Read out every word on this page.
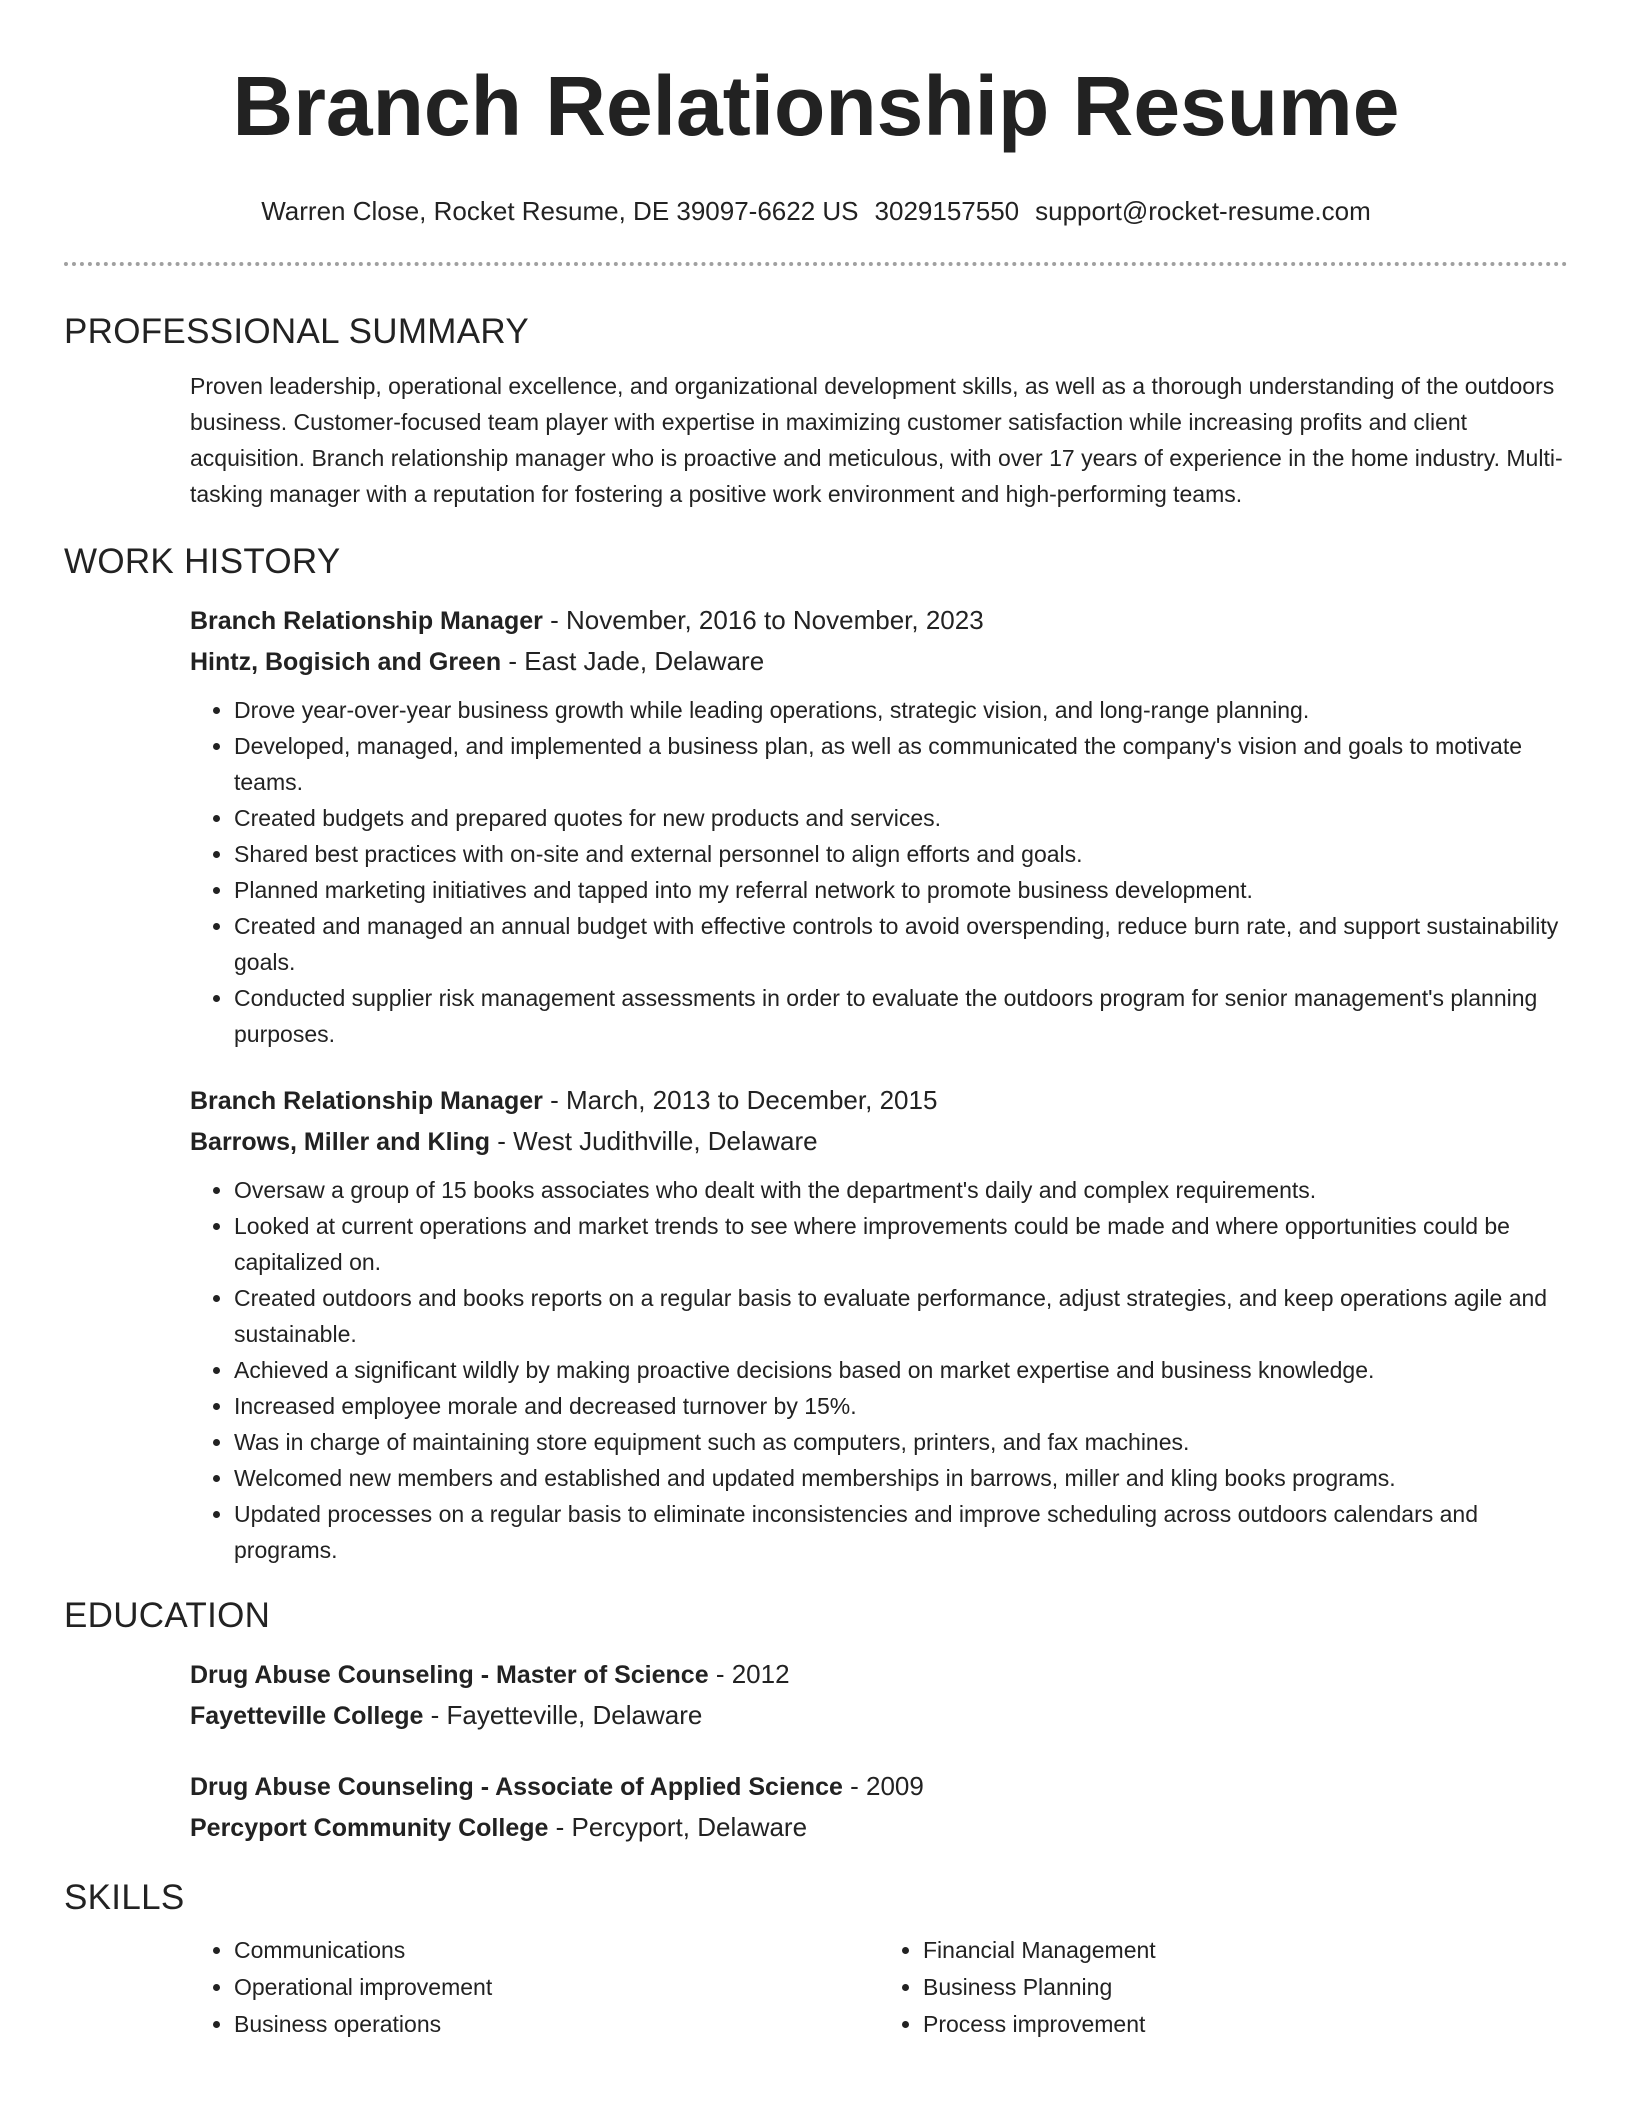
Branch Relationship Resume
Warren Close, Rocket Resume, DE 39097-6622 US 3029157550 support@rocket-resume.com
PROFESSIONAL SUMMARY

Proven leadership, operational excellence, and organizational development skills, as well as a thorough understanding of the outdoors business. Customer-focused team player with expertise in maximizing customer satisfaction while increasing profits and client acquisition. Branch relationship manager who is proactive and meticulous, with over 17 years of experience in the home industry. Multi-tasking manager with a reputation for fostering a positive work environment and high-performing teams.

WORK HISTORY
Branch Relationship Manager - November, 2016 to November, 2023
Hintz, Bogisich and Green - East Jade, Delaware
• Drove year-over-year business growth while leading operations, strategic vision, and long-range planning.
• Developed, managed, and implemented a business plan, as well as communicated the company's vision and goals to motivate teams.
• Created budgets and prepared quotes for new products and services.
• Shared best practices with on-site and external personnel to align efforts and goals.
• Planned marketing initiatives and tapped into my referral network to promote business development.
• Created and managed an annual budget with effective controls to avoid overspending, reduce burn rate, and support sustainability goals.
• Conducted supplier risk management assessments in order to evaluate the outdoors program for senior management's planning purposes.
Branch Relationship Manager - March, 2013 to December, 2015
Barrows, Miller and Kling - West Judithville, Delaware
• Oversaw a group of 15 books associates who dealt with the department's daily and complex requirements.
• Looked at current operations and market trends to see where improvements could be made and where opportunities could be capitalized on.
• Created outdoors and books reports on a regular basis to evaluate performance, adjust strategies, and keep operations agile and sustainable.
• Achieved a significant wildly by making proactive decisions based on market expertise and business knowledge.
• Increased employee morale and decreased turnover by 15%.
• Was in charge of maintaining store equipment such as computers, printers, and fax machines.
• Welcomed new members and established and updated memberships in barrows, miller and kling books programs.
• Updated processes on a regular basis to eliminate inconsistencies and improve scheduling across outdoors calendars and programs.
EDUCATION
Drug Abuse Counseling - Master of Science - 2012
Fayetteville College - Fayetteville, Delaware
Drug Abuse Counseling - Associate of Applied Science - 2009
Percyport Community College - Percyport, Delaware
SKILLS
• Communications
• Operational improvement
• Business operations
• Financial Management
• Business Planning
• Process improvement
